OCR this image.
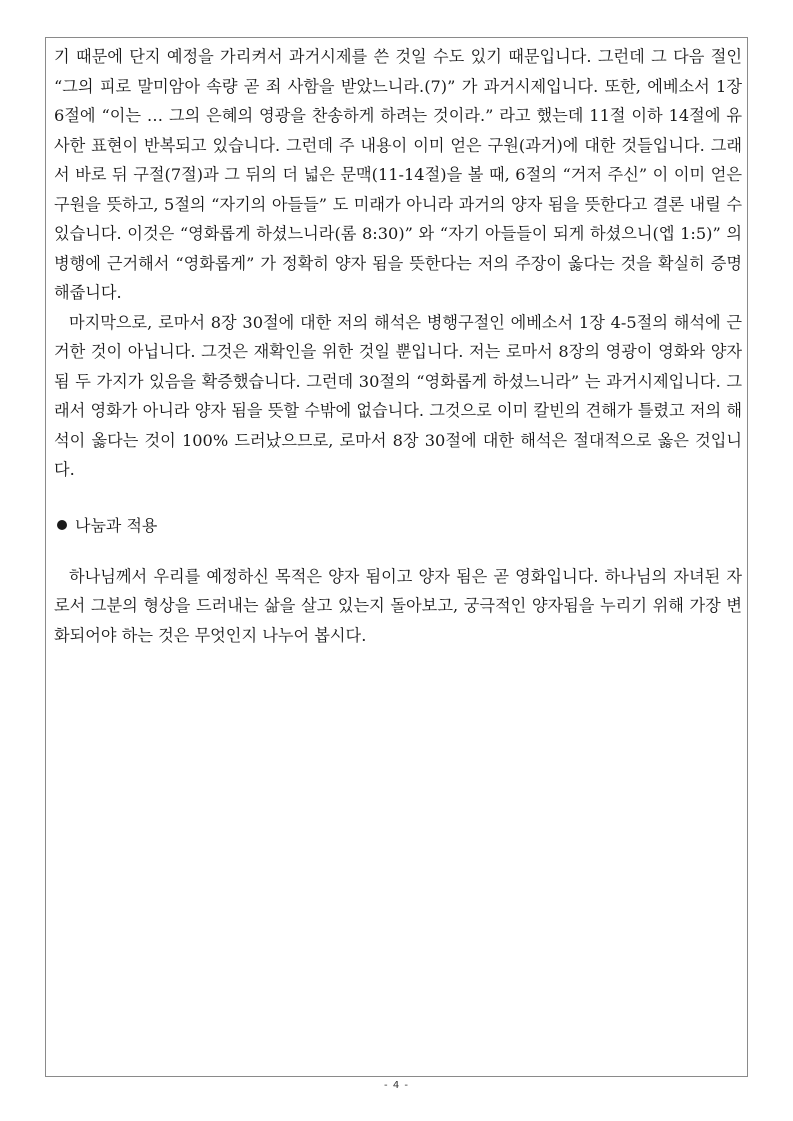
기 때문에 단지 예정을 가리켜서 과거시제를 쓴 것일 수도 있기 때문입니다. 그런데 그 다음 절인 “그의 피로 말미암아 속량 곧 죄 사함을 받았느니라.(7)” 가 과거시제입니다. 또한, 에베소서 1장 6절에 “이는 … 그의 은혜의 영광을 찬송하게 하려는 것이라.” 라고 했는데 11절 이하 14절에 유사한 표현이 반복되고 있습니다. 그런데 주 내용이 이미 얻은 구원(과거)에 대한 것들입니다. 그래서 바로 뒤 구절(7절)과 그 뒤의 더 넓은 문맥(11-14절)을 볼 때, 6절의 “거저 주신” 이 이미 얻은 구원을 뜻하고, 5절의 “자기의 아들들” 도 미래가 아니라 과거의 양자 됨을 뜻한다고 결론 내릴 수 있습니다. 이것은 “영화롭게 하셨느니라(롬 8:30)” 와 “자기 아들들이 되게 하셨으니(엡 1:5)” 의 병행에 근거해서 “영화롭게” 가 정확히 양자 됨을 뜻한다는 저의 주장이 옳다는 것을 확실히 증명해줍니다.

마지막으로, 로마서 8장 30절에 대한 저의 해석은 병행구절인 에베소서 1장 4-5절의 해석에 근거한 것이 아닙니다. 그것은 재확인을 위한 것일 뿐입니다. 저는 로마서 8장의 영광이 영화와 양자 됨 두 가지가 있음을 확증했습니다. 그런데 30절의 “영화롭게 하셨느니라” 는 과거시제입니다. 그래서 영화가 아니라 양자 됨을 뜻할 수밖에 없습니다. 그것으로 이미 칼빈의 견해가 틀렸고 저의 해석이 옳다는 것이 100% 드러났으므로, 로마서 8장 30절에 대한 해석은 절대적으로 옳은 것입니다.

나눔과 적용

하나님께서 우리를 예정하신 목적은 양자 됨이고 양자 됨은 곧 영화입니다. 하나님의 자녀된 자로서 그분의 형상을 드러내는 삶을 살고 있는지 돌아보고, 궁극적인 양자됨을 누리기 위해 가장 변화되어야 하는 것은 무엇인지 나누어 봅시다.

- 4 -
